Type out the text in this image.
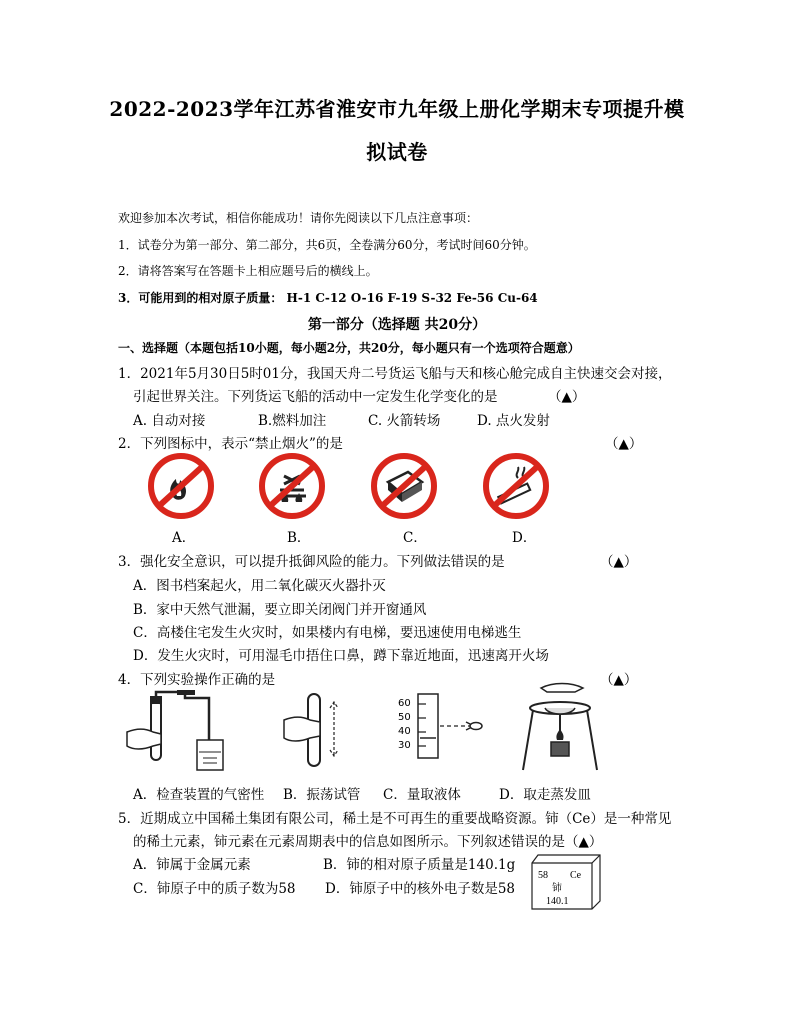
2022-2023学年江苏省淮安市九年级上册化学期末专项提升模
拟试卷
欢迎参加本次考试，相信你能成功！请你先阅读以下几点注意事项：
1．试卷分为第一部分、第二部分，共6页，全卷满分60分，考试时间60分钟。
2．请将答案写在答题卡上相应题号后的横线上。
3．可能用到的相对原子质量： H-1 C-12 O-16 F-19 S-32 Fe-56 Cu-64
第一部分（选择题 共20分）
一、选择题（本题包括10小题，每小题2分，共20分，每小题只有一个选项符合题意）
1．2021年5月30日5时01分，我国天舟二号货运飞船与天和核心舱完成自主快速交会对接，
引起世界关注。下列货运飞船的活动中一定发生化学变化的是	（▲）
A. 自动对接	B.燃料加注	C. 火箭转场	D. 点火发射
2．下列图标中，表示“禁止烟火”的是	（▲）
A．	B．	C．	D．
3．强化安全意识，可以提升抵御风险的能力。下列做法错误的是	（▲）
A．图书档案起火，用二氧化碳灭火器扑灭
B．家中天然气泄漏，要立即关闭阀门并开窗通风
C．高楼住宅发生火灾时，如果楼内有电梯，要迅速使用电梯逃生
D．发生火灾时，可用湿毛巾捂住口鼻，蹲下靠近地面，迅速离开火场
4．下列实验操作正确的是	（▲）
60
50
40
30
A．检查装置的气密性 B．振荡试管 C．量取液体	D．取走蒸发皿
5．近期成立中国稀土集团有限公司，稀土是不可再生的重要战略资源。铈（Ce）是一种常见
的稀土元素，铈元素在元素周期表中的信息如图所示。下列叙述错误的是（▲）
A．铈属于金属元素	B．铈的相对原子质量是140.1g
C．铈原子中的质子数为58 D．铈原子中的核外电子数是58
58 Ce
铈
140.1
